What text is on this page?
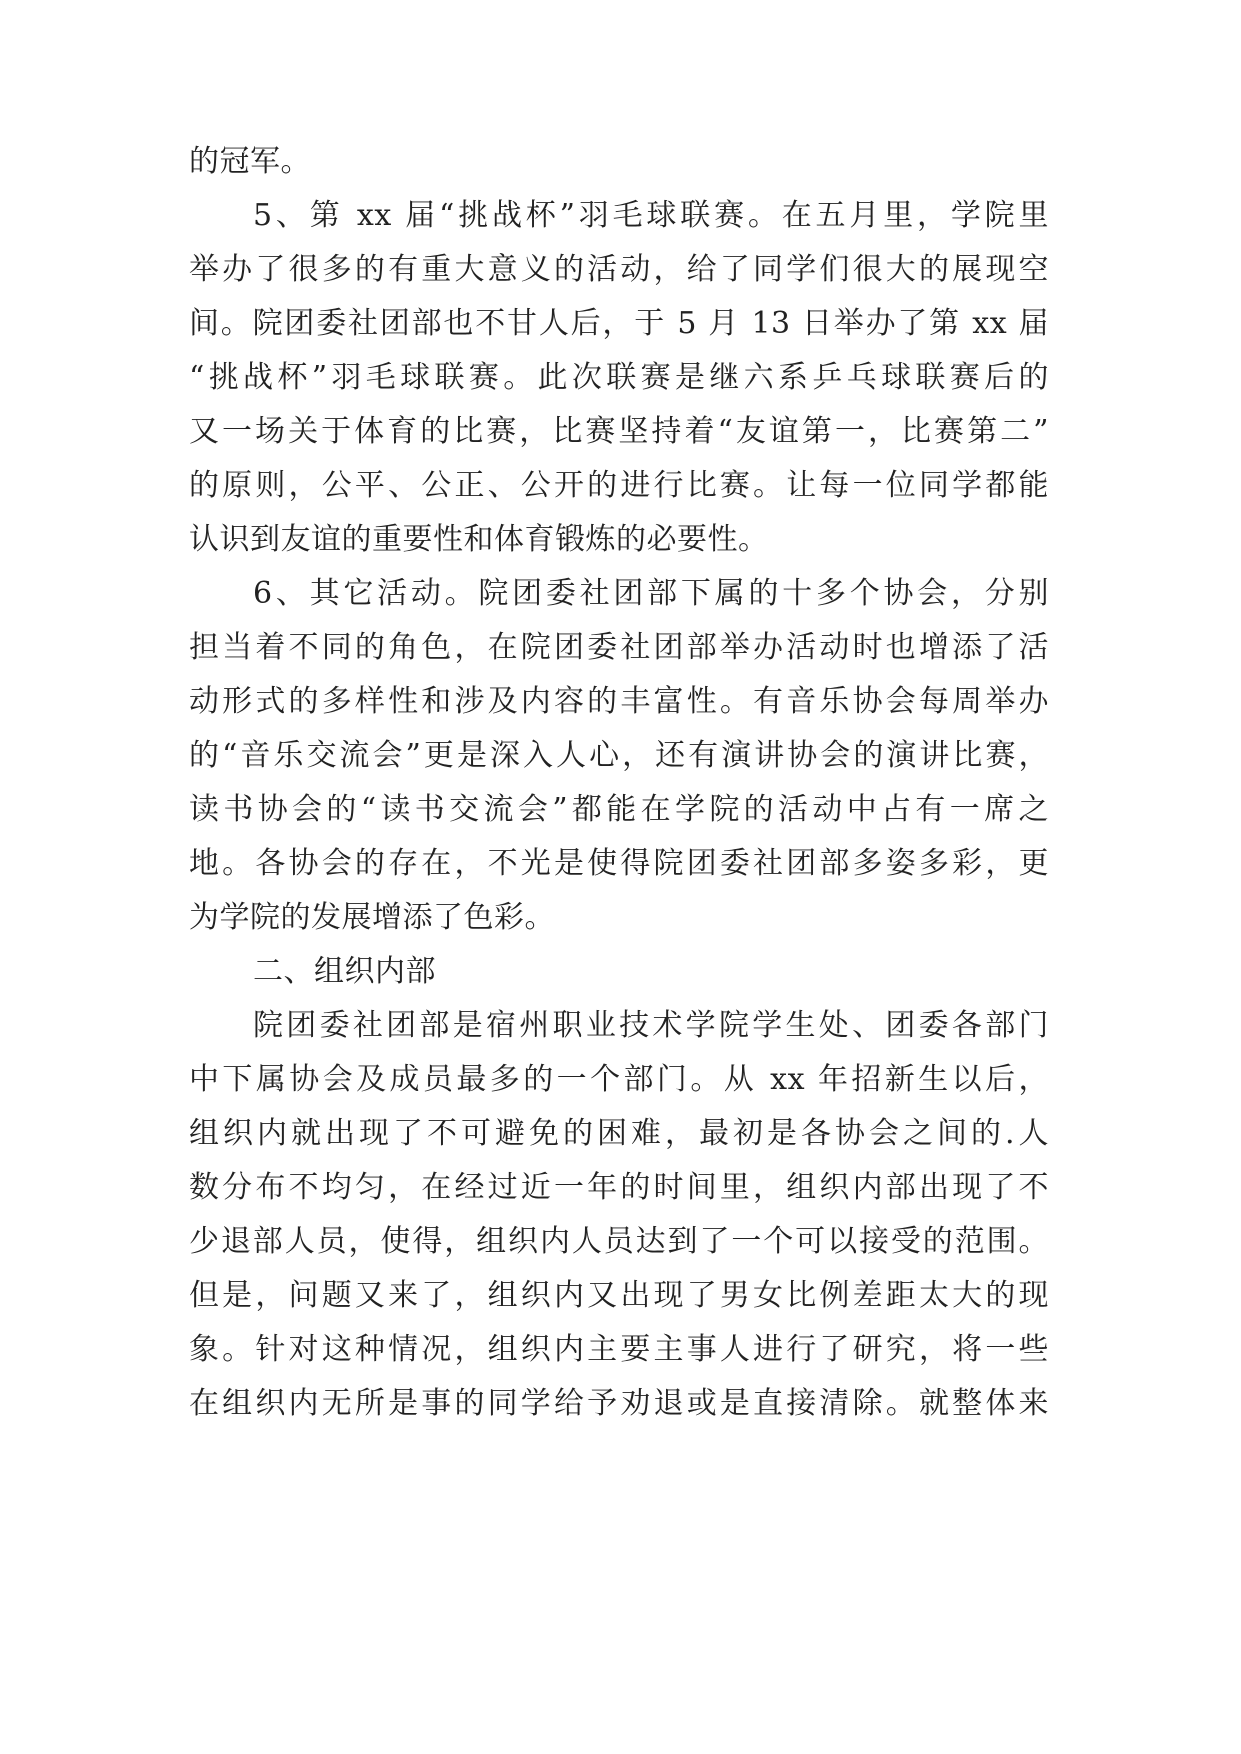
的冠军。
5、第 xx 届“挑战杯”羽毛球联赛。在五月里，学院里
举办了很多的有重大意义的活动，给了同学们很大的展现空
间。院团委社团部也不甘人后，于 5 月 13 日举办了第 xx 届
“挑战杯”羽毛球联赛。此次联赛是继六系乒乓球联赛后的
又一场关于体育的比赛，比赛坚持着“友谊第一，比赛第二”
的原则，公平、公正、公开的进行比赛。让每一位同学都能
认识到友谊的重要性和体育锻炼的必要性。
6、其它活动。院团委社团部下属的十多个协会，分别
担当着不同的角色，在院团委社团部举办活动时也增添了活
动形式的多样性和涉及内容的丰富性。有音乐协会每周举办
的“音乐交流会”更是深入人心，还有演讲协会的演讲比赛，
读书协会的“读书交流会”都能在学院的活动中占有一席之
地。各协会的存在，不光是使得院团委社团部多姿多彩，更
为学院的发展增添了色彩。
二、组织内部
院团委社团部是宿州职业技术学院学生处、团委各部门
中下属协会及成员最多的一个部门。从 xx 年招新生以后，
组织内就出现了不可避免的困难，最初是各协会之间的.人
数分布不均匀，在经过近一年的时间里，组织内部出现了不
少退部人员，使得，组织内人员达到了一个可以接受的范围。
但是，问题又来了，组织内又出现了男女比例差距太大的现
象。针对这种情况，组织内主要主事人进行了研究，将一些
在组织内无所是事的同学给予劝退或是直接清除。就整体来
